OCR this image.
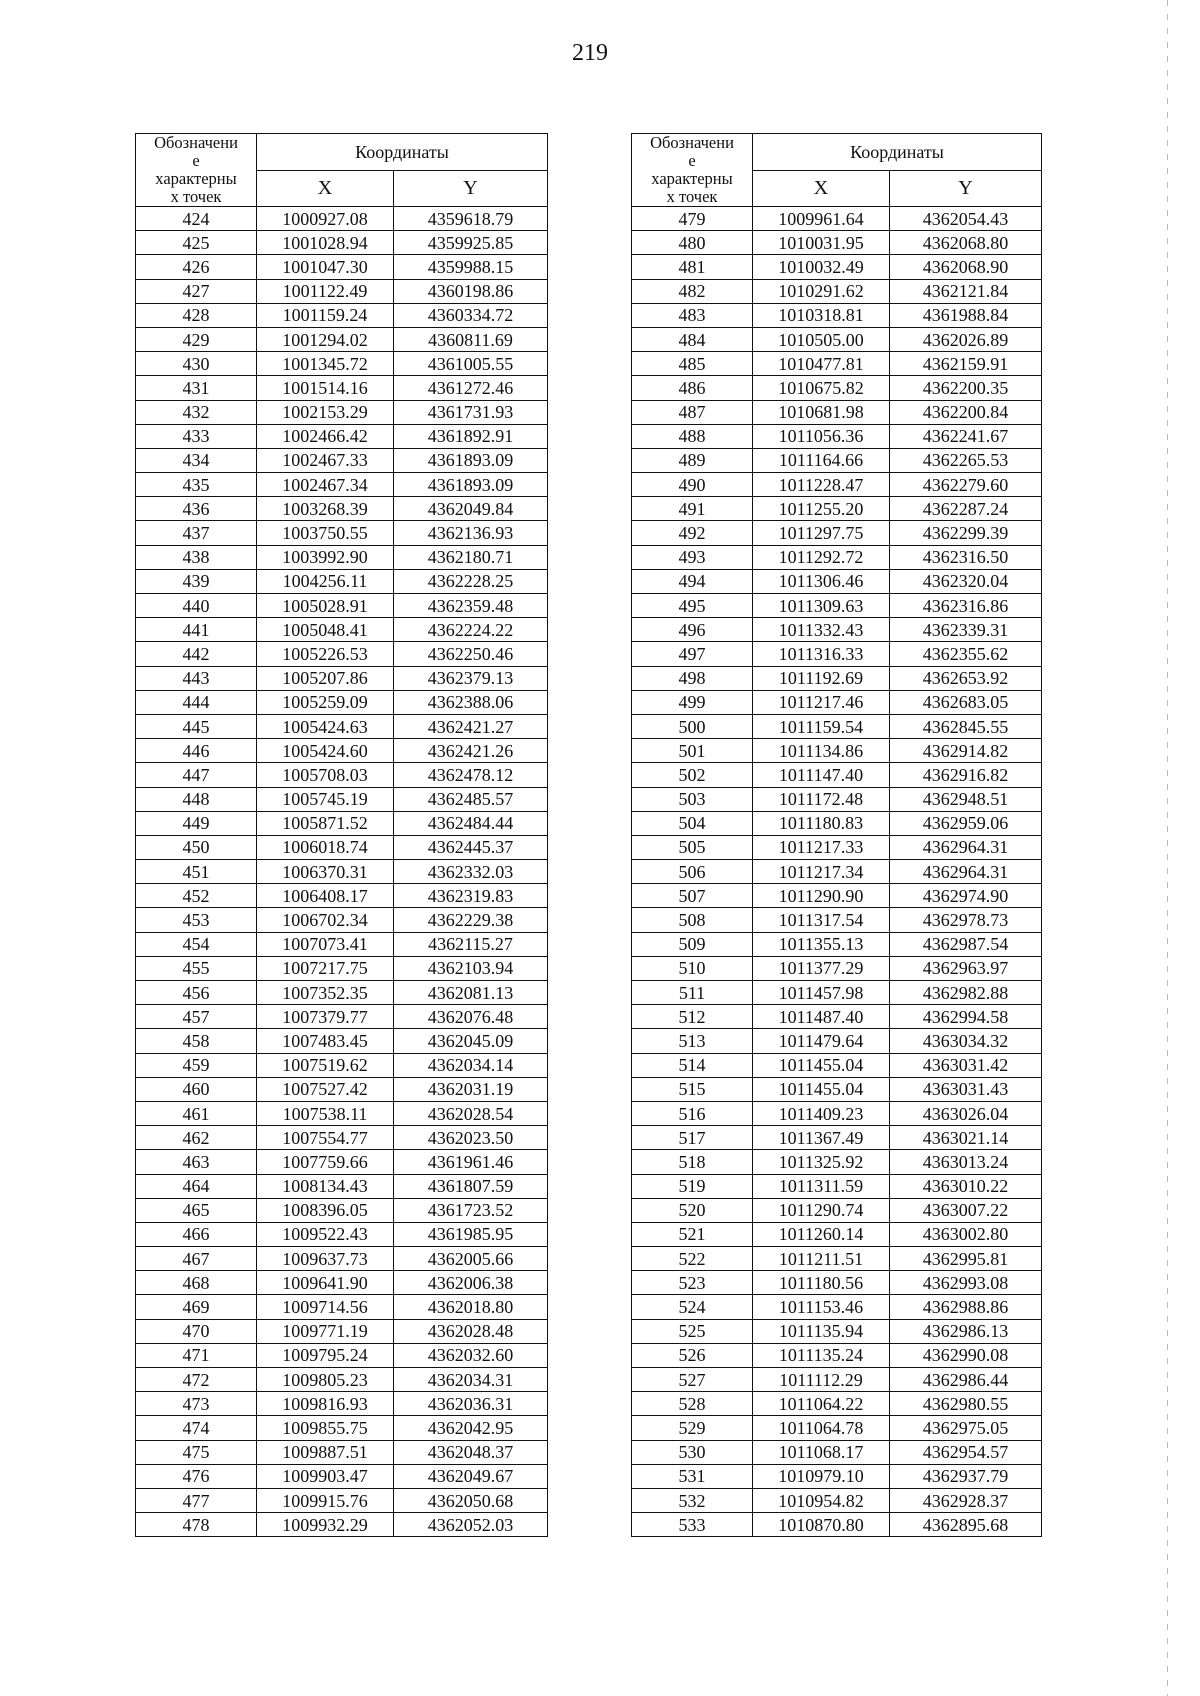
219
Обозначени
е
характерны
х точек	Координаты	
	X	Y
424	1000927.08	4359618.79
425	1001028.94	4359925.85
426	1001047.30	4359988.15
427	1001122.49	4360198.86
428	1001159.24	4360334.72
429	1001294.02	4360811.69
430	1001345.72	4361005.55
431	1001514.16	4361272.46
432	1002153.29	4361731.93
433	1002466.42	4361892.91
434	1002467.33	4361893.09
435	1002467.34	4361893.09
436	1003268.39	4362049.84
437	1003750.55	4362136.93
438	1003992.90	4362180.71
439	1004256.11	4362228.25
440	1005028.91	4362359.48
441	1005048.41	4362224.22
442	1005226.53	4362250.46
443	1005207.86	4362379.13
444	1005259.09	4362388.06
445	1005424.63	4362421.27
446	1005424.60	4362421.26
447	1005708.03	4362478.12
448	1005745.19	4362485.57
449	1005871.52	4362484.44
450	1006018.74	4362445.37
451	1006370.31	4362332.03
452	1006408.17	4362319.83
453	1006702.34	4362229.38
454	1007073.41	4362115.27
455	1007217.75	4362103.94
456	1007352.35	4362081.13
457	1007379.77	4362076.48
458	1007483.45	4362045.09
459	1007519.62	4362034.14
460	1007527.42	4362031.19
461	1007538.11	4362028.54
462	1007554.77	4362023.50
463	1007759.66	4361961.46
464	1008134.43	4361807.59
465	1008396.05	4361723.52
466	1009522.43	4361985.95
467	1009637.73	4362005.66
468	1009641.90	4362006.38
469	1009714.56	4362018.80
470	1009771.19	4362028.48
471	1009795.24	4362032.60
472	1009805.23	4362034.31
473	1009816.93	4362036.31
474	1009855.75	4362042.95
475	1009887.51	4362048.37
476	1009903.47	4362049.67
477	1009915.76	4362050.68
478	1009932.29	4362052.03
Обозначени
е
характерны
х точек	Координаты	
	X	Y
479	1009961.64	4362054.43
480	1010031.95	4362068.80
481	1010032.49	4362068.90
482	1010291.62	4362121.84
483	1010318.81	4361988.84
484	1010505.00	4362026.89
485	1010477.81	4362159.91
486	1010675.82	4362200.35
487	1010681.98	4362200.84
488	1011056.36	4362241.67
489	1011164.66	4362265.53
490	1011228.47	4362279.60
491	1011255.20	4362287.24
492	1011297.75	4362299.39
493	1011292.72	4362316.50
494	1011306.46	4362320.04
495	1011309.63	4362316.86
496	1011332.43	4362339.31
497	1011316.33	4362355.62
498	1011192.69	4362653.92
499	1011217.46	4362683.05
500	1011159.54	4362845.55
501	1011134.86	4362914.82
502	1011147.40	4362916.82
503	1011172.48	4362948.51
504	1011180.83	4362959.06
505	1011217.33	4362964.31
506	1011217.34	4362964.31
507	1011290.90	4362974.90
508	1011317.54	4362978.73
509	1011355.13	4362987.54
510	1011377.29	4362963.97
511	1011457.98	4362982.88
512	1011487.40	4362994.58
513	1011479.64	4363034.32
514	1011455.04	4363031.42
515	1011455.04	4363031.43
516	1011409.23	4363026.04
517	1011367.49	4363021.14
518	1011325.92	4363013.24
519	1011311.59	4363010.22
520	1011290.74	4363007.22
521	1011260.14	4363002.80
522	1011211.51	4362995.81
523	1011180.56	4362993.08
524	1011153.46	4362988.86
525	1011135.94	4362986.13
526	1011135.24	4362990.08
527	1011112.29	4362986.44
528	1011064.22	4362980.55
529	1011064.78	4362975.05
530	1011068.17	4362954.57
531	1010979.10	4362937.79
532	1010954.82	4362928.37
533	1010870.80	4362895.68
